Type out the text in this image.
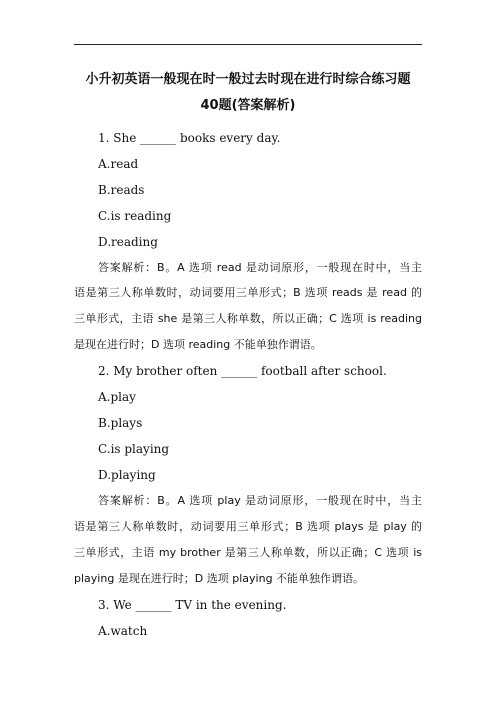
小升初英语一般现在时一般过去时现在进行时综合练习题
40题(答案解析)
1. She ______ books every day.
A.read
B.reads
C.is reading
D.reading
答案解析：B。A 选项 read 是动词原形，一般现在时中，当主
语是第三人称单数时，动词要用三单形式；B 选项 reads 是 read 的
三单形式，主语 she 是第三人称单数，所以正确；C 选项 is reading
是现在进行时；D 选项 reading 不能单独作谓语。
2. My brother often ______ football after school.
A.play
B.plays
C.is playing
D.playing
答案解析：B。A 选项 play 是动词原形，一般现在时中，当主
语是第三人称单数时，动词要用三单形式；B 选项 plays 是 play 的
三单形式，主语 my brother 是第三人称单数，所以正确；C 选项 is
playing 是现在进行时；D 选项 playing 不能单独作谓语。
3. We ______ TV in the evening.
A.watch
